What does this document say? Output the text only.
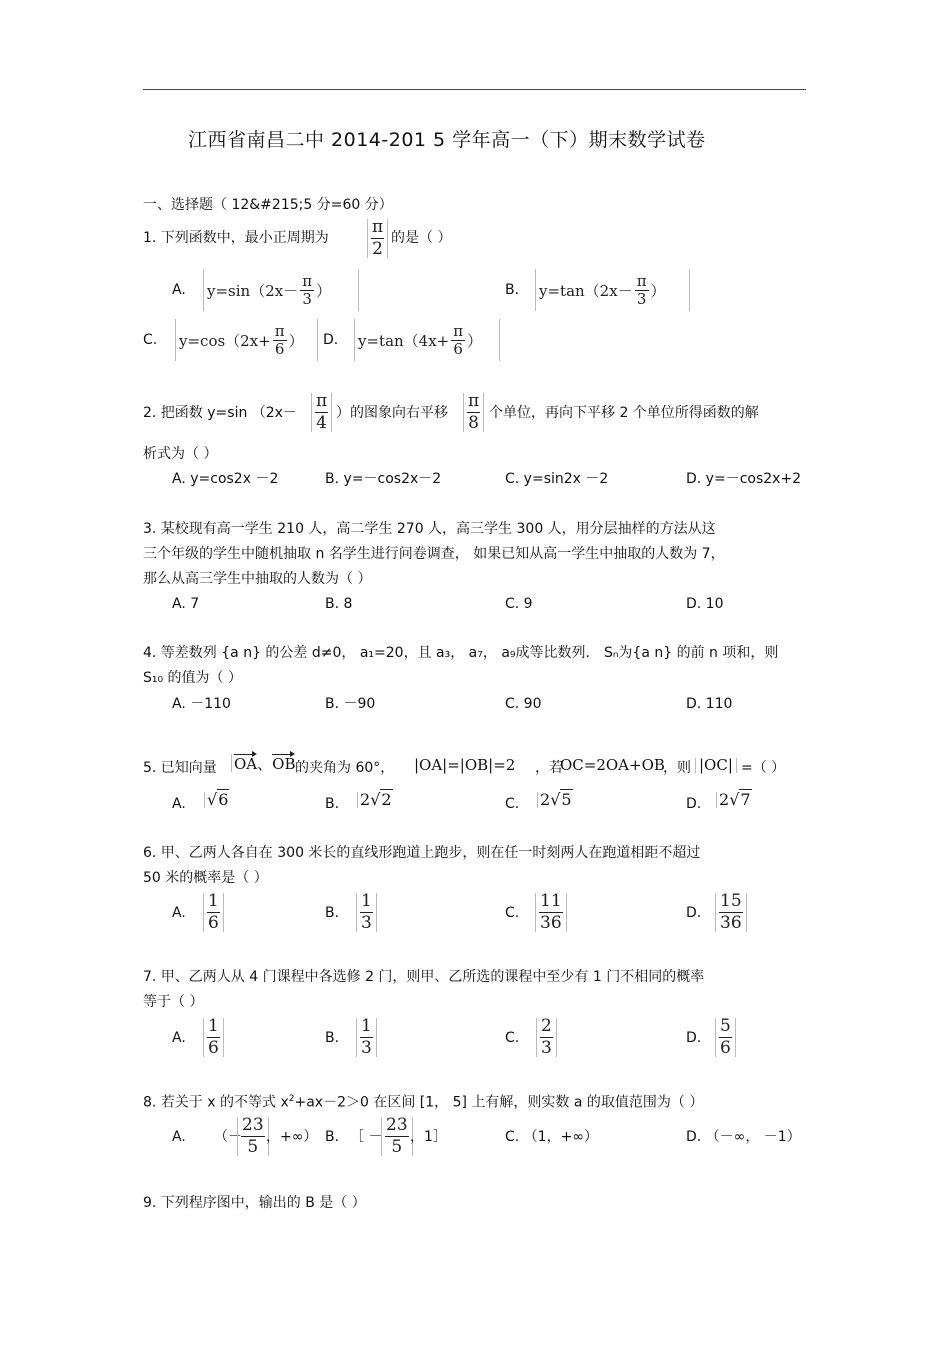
江西省南昌二中 2014-201 5 学年高一（下）期末数学试卷
一、选择题（ 12&#215;5 分=60 分）
1. 下列函数中，最小正周期为
π
2
的是（ ）
A. $y=\sin(2x- \frac{\pi}{3}$ ）	B. $y=\tan(2x- \frac{\pi}{3}$ ）
C. $y=\cos(2x+ \frac{\pi}{6}$ ） D. $y=\tan(4x+ \frac{\pi}{6}$ ）
2. 把函数 y=sin （2x－
π
4 ）的图象向右平移
π
8 个单位，再向下平移 2 个单位所得函数的解
析式为（ ）
A. y=cos2x －2	B. y=－cos2x－2	C. y=sin2x －2	D. y=－cos2x+2
3. 某校现有高一学生 210 人，高二学生 270 人，高三学生 300 人，用分层抽样的方法从这
三个年级的学生中随机抽取 n 名学生进行问卷调查， 如果已知从高一学生中抽取的人数为 7，
那么从高三学生中抽取的人数为（ ）
A. 7	B. 8	C. 9	D. 10
4. 等差数列 {a n} 的公差 d≠0， a₁=20，且 a₃， a₇， a₉成等比数列． Sₙ为{a n} 的前 n 项和，则
S₁₀ 的值为（ ）
A. －110	B. －90	C. 90	D. 110
5. 已知向量 OA、OB 的夹角为 60°， |OA|=|OB|=2 ，若
OC=2OA+OB
，则 |OC| =（ ）
A. √6	B. 2√2	C. 2√5	D. 2√7
6. 甲、乙两人各自在 300 米长的直线形跑道上跑步，则在任一时刻两人在跑道相距不超过
50 米的概率是（ ）
A.
1
6	B.
1
3	C.
11
36	D.
15
36
7. 甲、乙两人从 4 门课程中各选修 2 门，则甲、乙所选的课程中至少有 1 门不相同的概率
等于（ ）
A.
1
6	B.
1
3	C.
2
3	D.
5
6
8. 若关于 x 的不等式 $x^2+ax-2>0$ 在区间 [1， 5] 上有解，则实数 a 的取值范围为（ ）
A. （－
23
5 ，+∞） B. ［ －
23
5 ，1］	C. （1，+∞）	D. （－∞， －1）
9. 下列程序图中，输出的 B 是（ ）
